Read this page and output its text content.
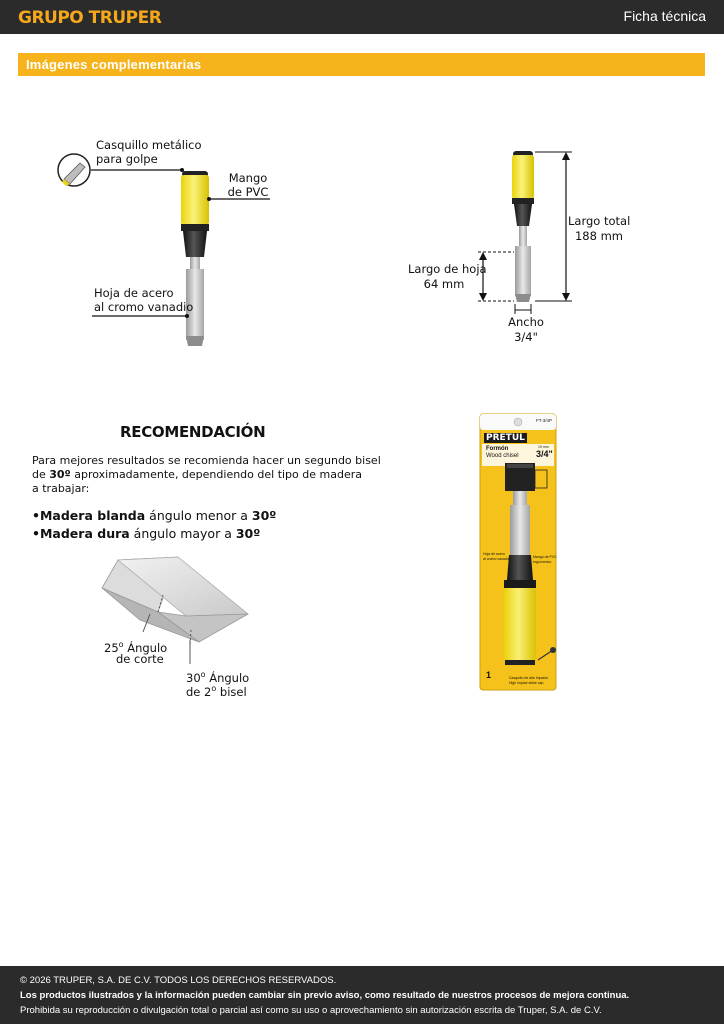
GRUPO TRUPER	Ficha técnica
Imágenes complementarias
Casquillo metálico
para golpe
Mango
de PVC
Hoja de acero
al cromo vanadio
Largo total
188 mm
Largo de hoja
64 mm
Ancho
3/4"
RECOMENDACIÓN
Para mejores resultados se recomienda hacer un segundo bisel
de 30º aproximadamente, dependiendo del tipo de madera
a trabajar:
•Madera blanda ángulo menor a 30º
•Madera dura ángulo mayor a 30º
25$^o$ Ángulo
de corte
30$^o$ Ángulo
de 2$^o$ bisel
PRETUL
FT-3/4P
Formón
Wood chisel 3/4"
19 mm
Hoja de acero
al cromo vanadio	Mango de PVC
ergonómico
Casquillo de alto impacto
High impact strike cap
1
© 2026 TRUPER, S.A. DE C.V. TODOS LOS DERECHOS RESERVADOS.
Los productos ilustrados y la información pueden cambiar sin previo aviso, como resultado de nuestros procesos de mejora continua.
Prohibida su reproducción o divulgación total o parcial así como su uso o aprovechamiento sin autorización escrita de Truper, S.A. de C.V.
